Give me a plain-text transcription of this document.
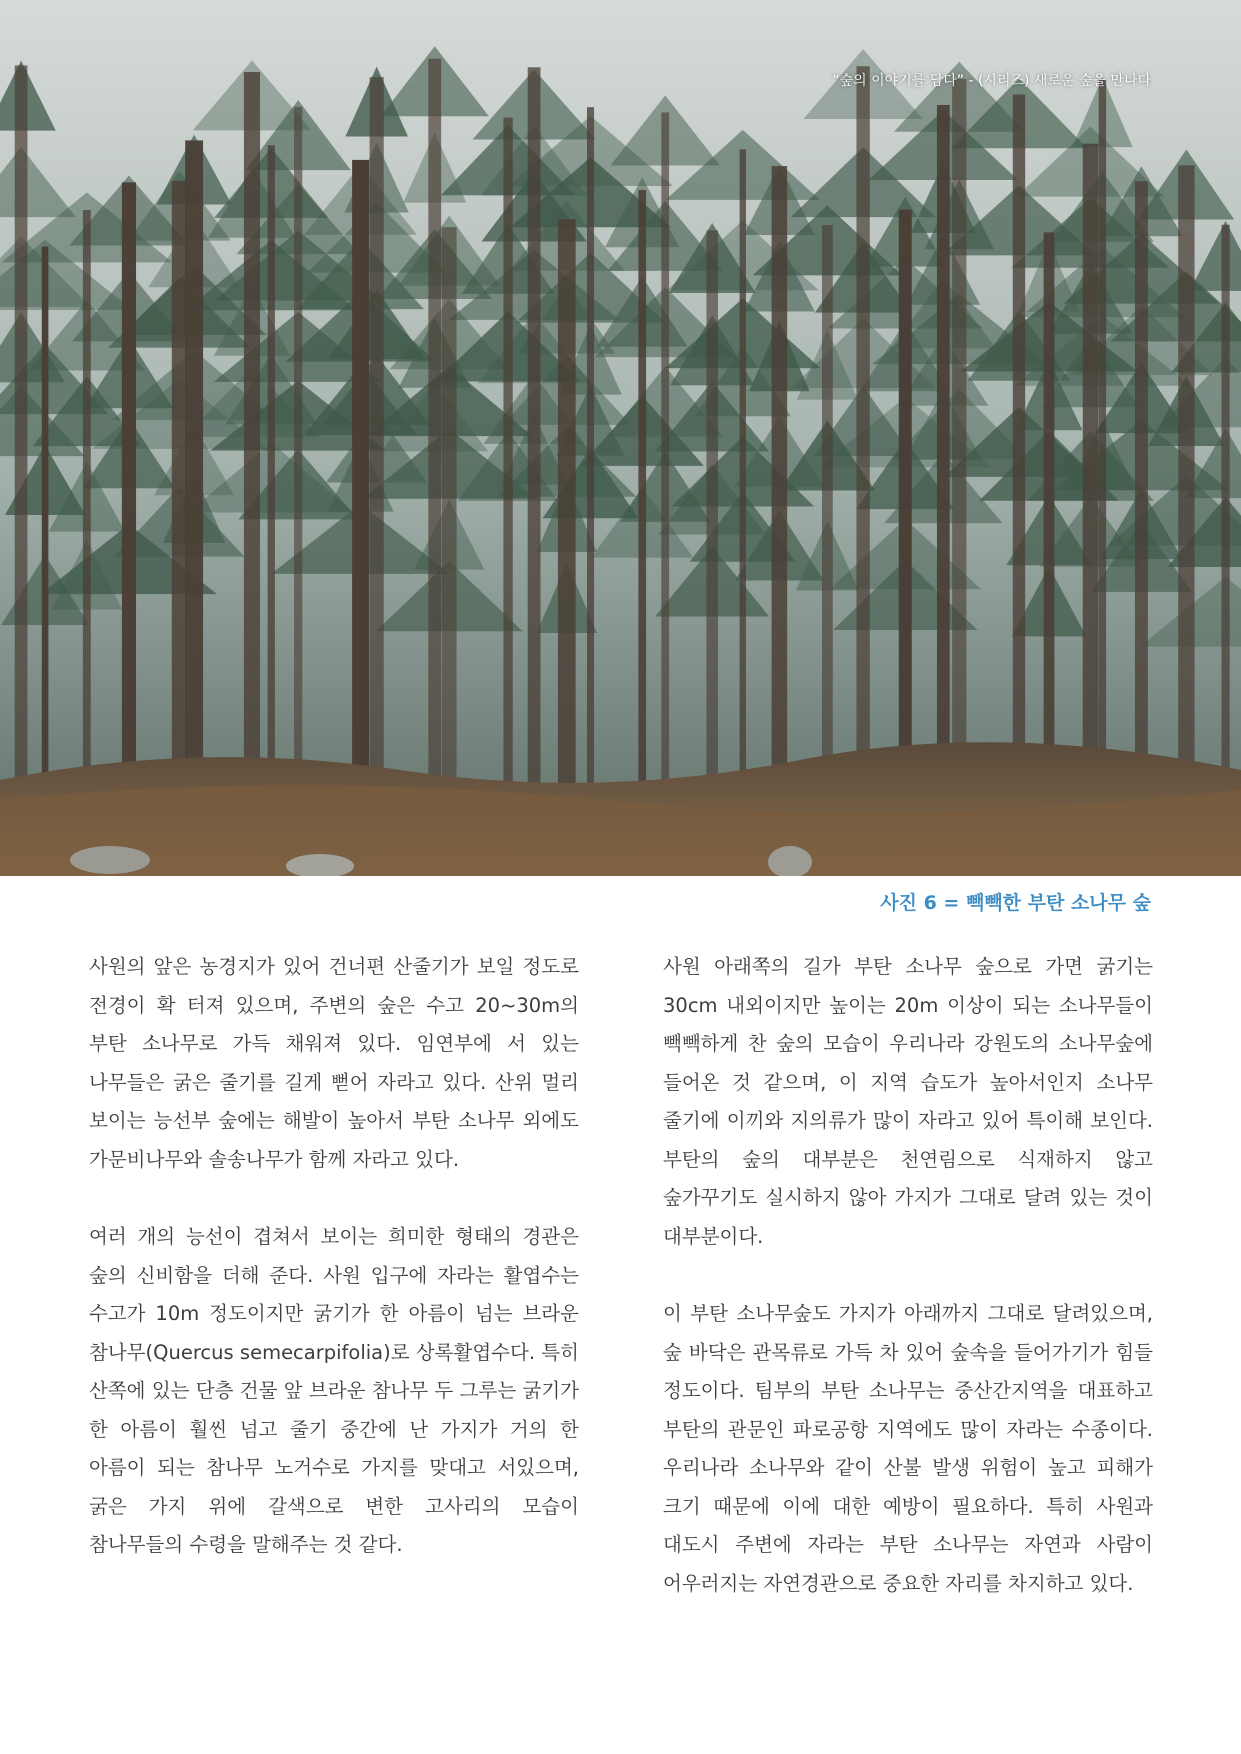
“숲의 이야기를 담다” - (시리즈) 새로운 숲을 만나다
사진 6 = 빽빽한 부탄 소나무 숲

사원의 앞은 농경지가 있어 건너편 산줄기가 보일 정도로 전경이 확 터져 있으며, 주변의 숲은 수고 20~30m의 부탄 소나무로 가득 채워져 있다. 임연부에 서 있는 나무들은 굵은 줄기를 길게 뻗어 자라고 있다. 산위 멀리 보이는 능선부 숲에는 해발이 높아서 부탄 소나무 외에도 가문비나무와 솔송나무가 함께 자라고 있다.

여러 개의 능선이 겹쳐서 보이는 희미한 형태의 경관은 숲의 신비함을 더해 준다. 사원 입구에 자라는 활엽수는 수고가 10m 정도이지만 굵기가 한 아름이 넘는 브라운 참나무(Quercus semecarpifolia)로 상록활엽수다. 특히 산쪽에 있는 단층 건물 앞 브라운 참나무 두 그루는 굵기가 한 아름이 훨씬 넘고 줄기 중간에 난 가지가 거의 한 아름이 되는 참나무 노거수로 가지를 맞대고 서있으며, 굵은 가지 위에 갈색으로 변한 고사리의 모습이 참나무들의 수령을 말해주는 것 같다.

사원 아래쪽의 길가 부탄 소나무 숲으로 가면 굵기는 30cm 내외이지만 높이는 20m 이상이 되는 소나무들이 빽빽하게 찬 숲의 모습이 우리나라 강원도의 소나무숲에 들어온 것 같으며, 이 지역 습도가 높아서인지 소나무 줄기에 이끼와 지의류가 많이 자라고 있어 특이해 보인다. 부탄의 숲의 대부분은 천연림으로 식재하지 않고 숲가꾸기도 실시하지 않아 가지가 그대로 달려 있는 것이 대부분이다.

이 부탄 소나무숲도 가지가 아래까지 그대로 달려있으며, 숲 바닥은 관목류로 가득 차 있어 숲속을 들어가기가 힘들 정도이다. 팀부의 부탄 소나무는 중산간지역을 대표하고 부탄의 관문인 파로공항 지역에도 많이 자라는 수종이다. 우리나라 소나무와 같이 산불 발생 위험이 높고 피해가 크기 때문에 이에 대한 예방이 필요하다. 특히 사원과 대도시 주변에 자라는 부탄 소나무는 자연과 사람이 어우러지는 자연경관으로 중요한 자리를 차지하고 있다.
